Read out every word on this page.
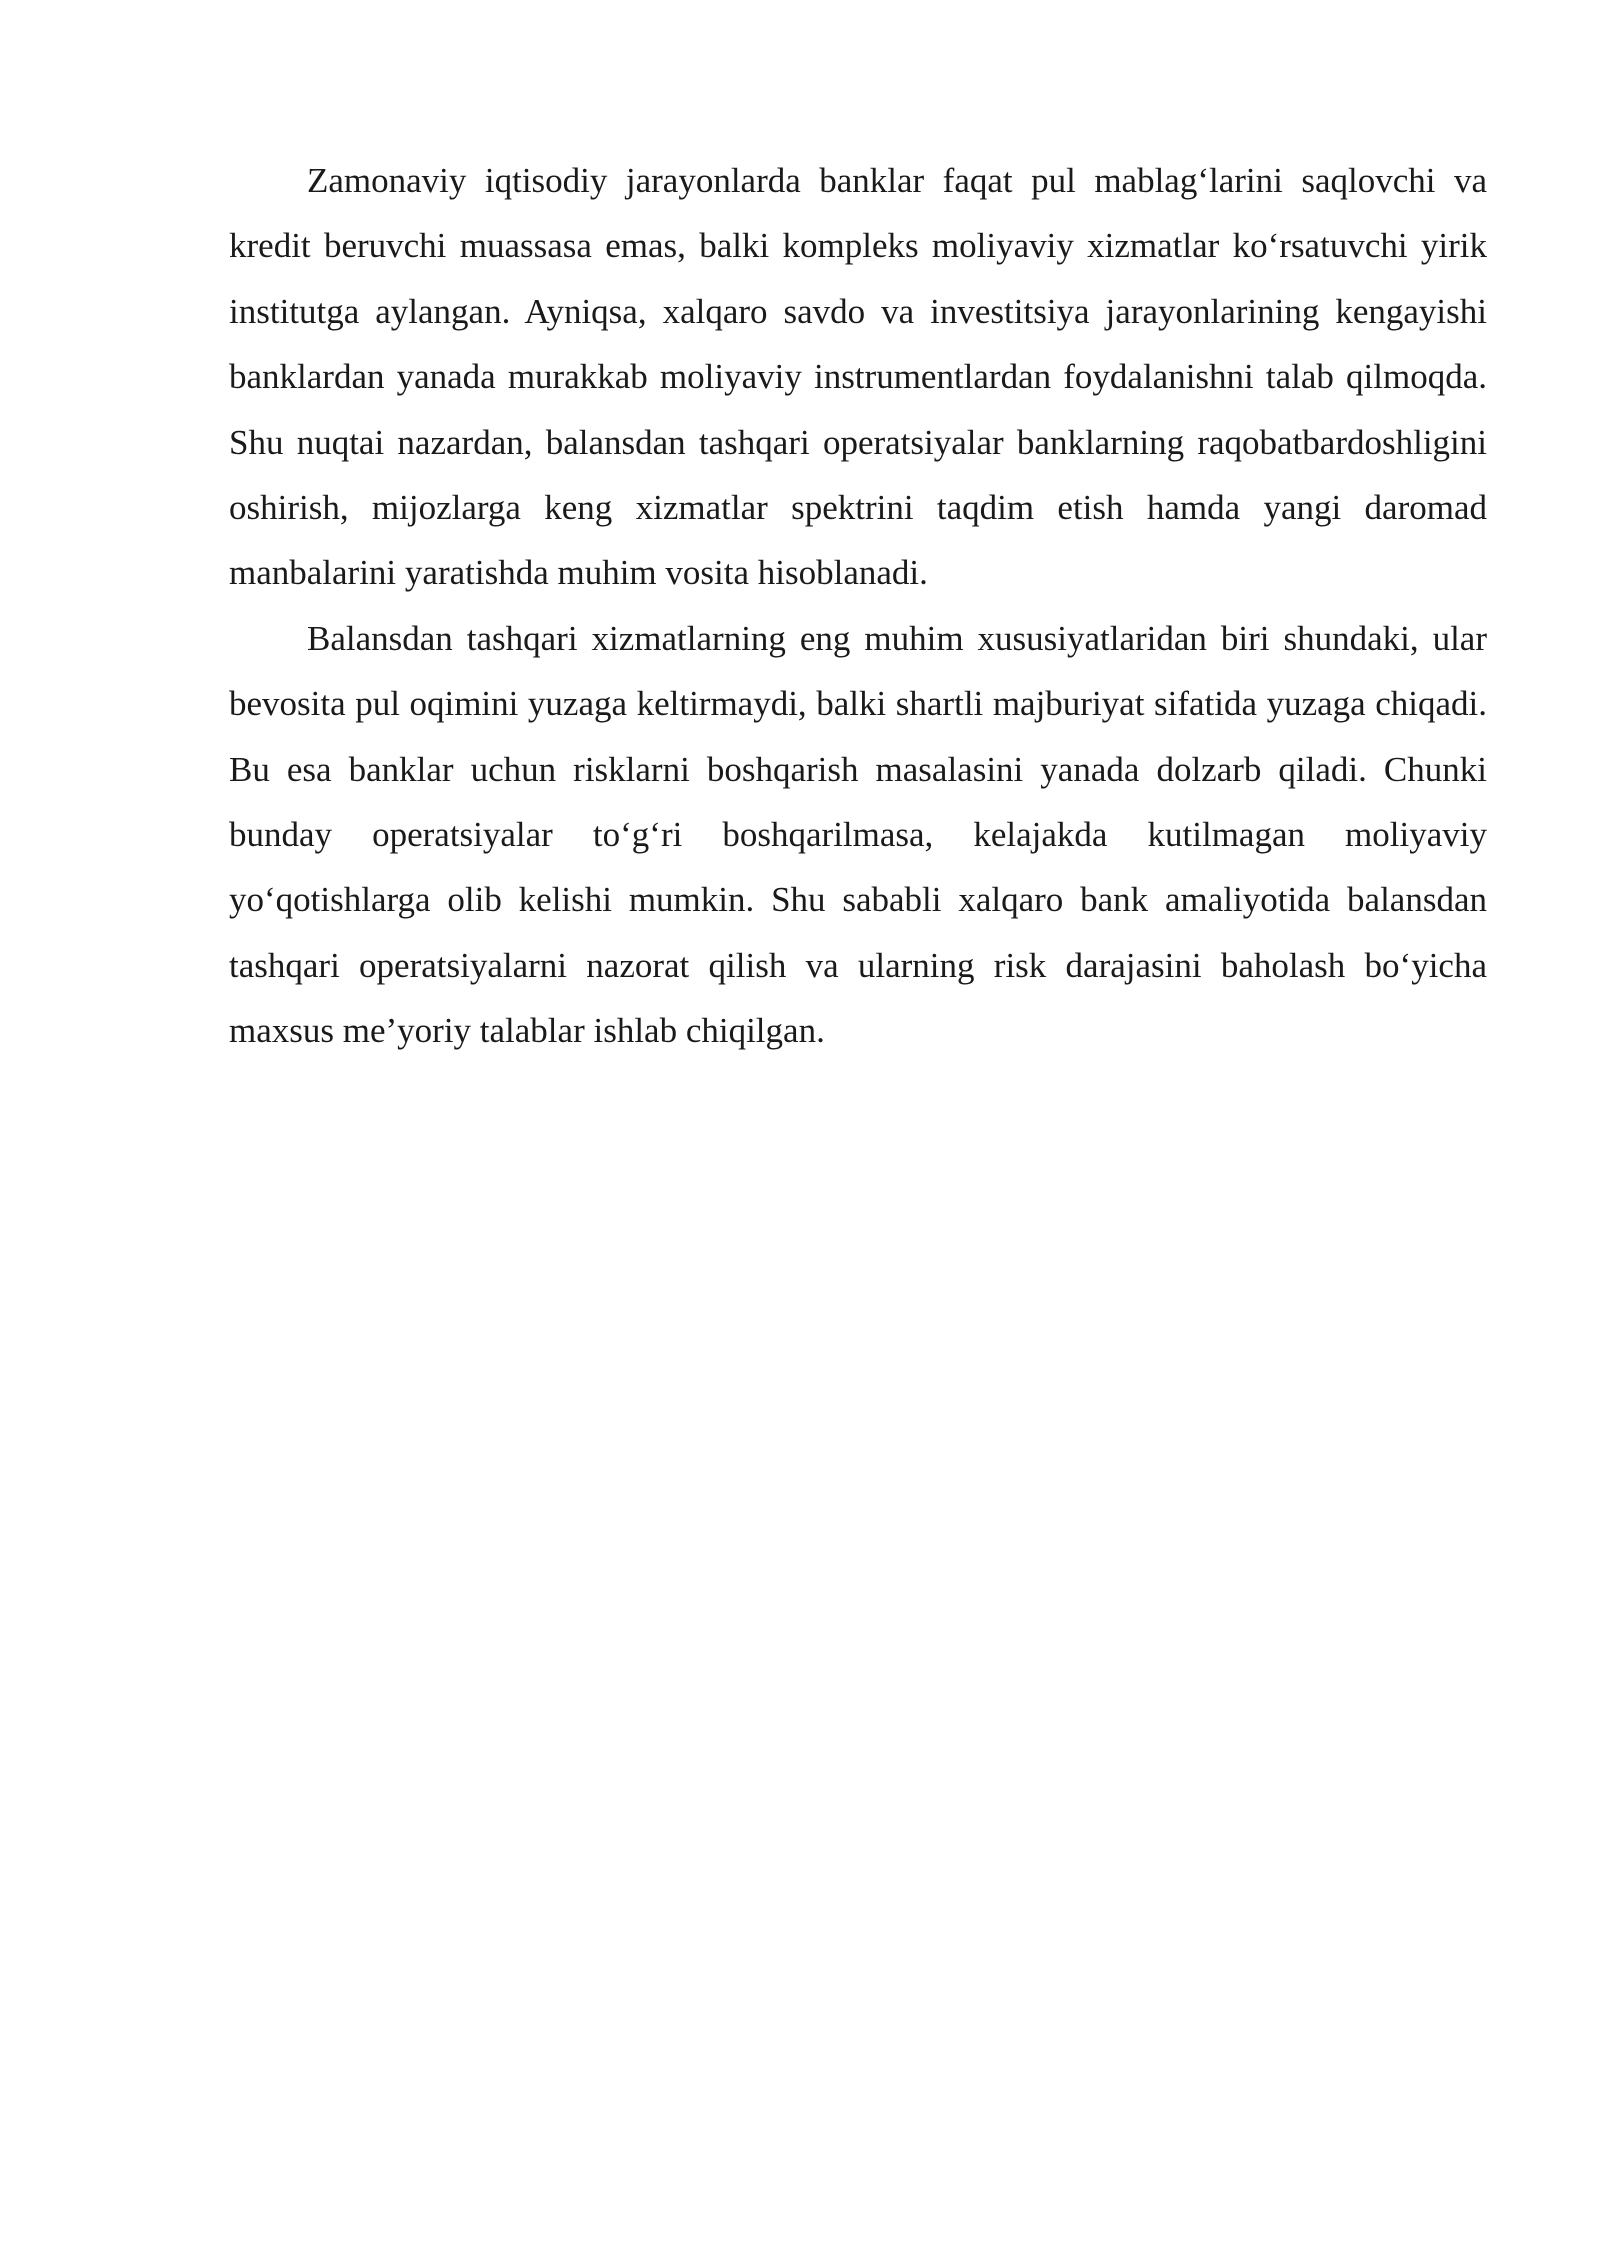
Zamonaviy iqtisodiy jarayonlarda banklar faqat pul mablag‘larini saqlovchi va kredit beruvchi muassasa emas, balki kompleks moliyaviy xizmatlar ko‘rsatuvchi yirik institutga aylangan. Ayniqsa, xalqaro savdo va investitsiya jarayonlarining kengayishi banklardan yanada murakkab moliyaviy instrumentlardan foydalanishni talab qilmoqda. Shu nuqtai nazardan, balansdan tashqari operatsiyalar banklarning raqobatbardoshligini oshirish, mijozlarga keng xizmatlar spektrini taqdim etish hamda yangi daromad manbalarini yaratishda muhim vosita hisoblanadi.

Balansdan tashqari xizmatlarning eng muhim xususiyatlaridan biri shundaki, ular bevosita pul oqimini yuzaga keltirmaydi, balki shartli majburiyat sifatida yuzaga chiqadi. Bu esa banklar uchun risklarni boshqarish masalasini yanada dolzarb qiladi. Chunki bunday operatsiyalar to‘g‘ri boshqarilmasa, kelajakda kutilmagan moliyaviy yo‘qotishlarga olib kelishi mumkin. Shu sababli xalqaro bank amaliyotida balansdan tashqari operatsiyalarni nazorat qilish va ularning risk darajasini baholash bo‘yicha maxsus me’yoriy talablar ishlab chiqilgan.
